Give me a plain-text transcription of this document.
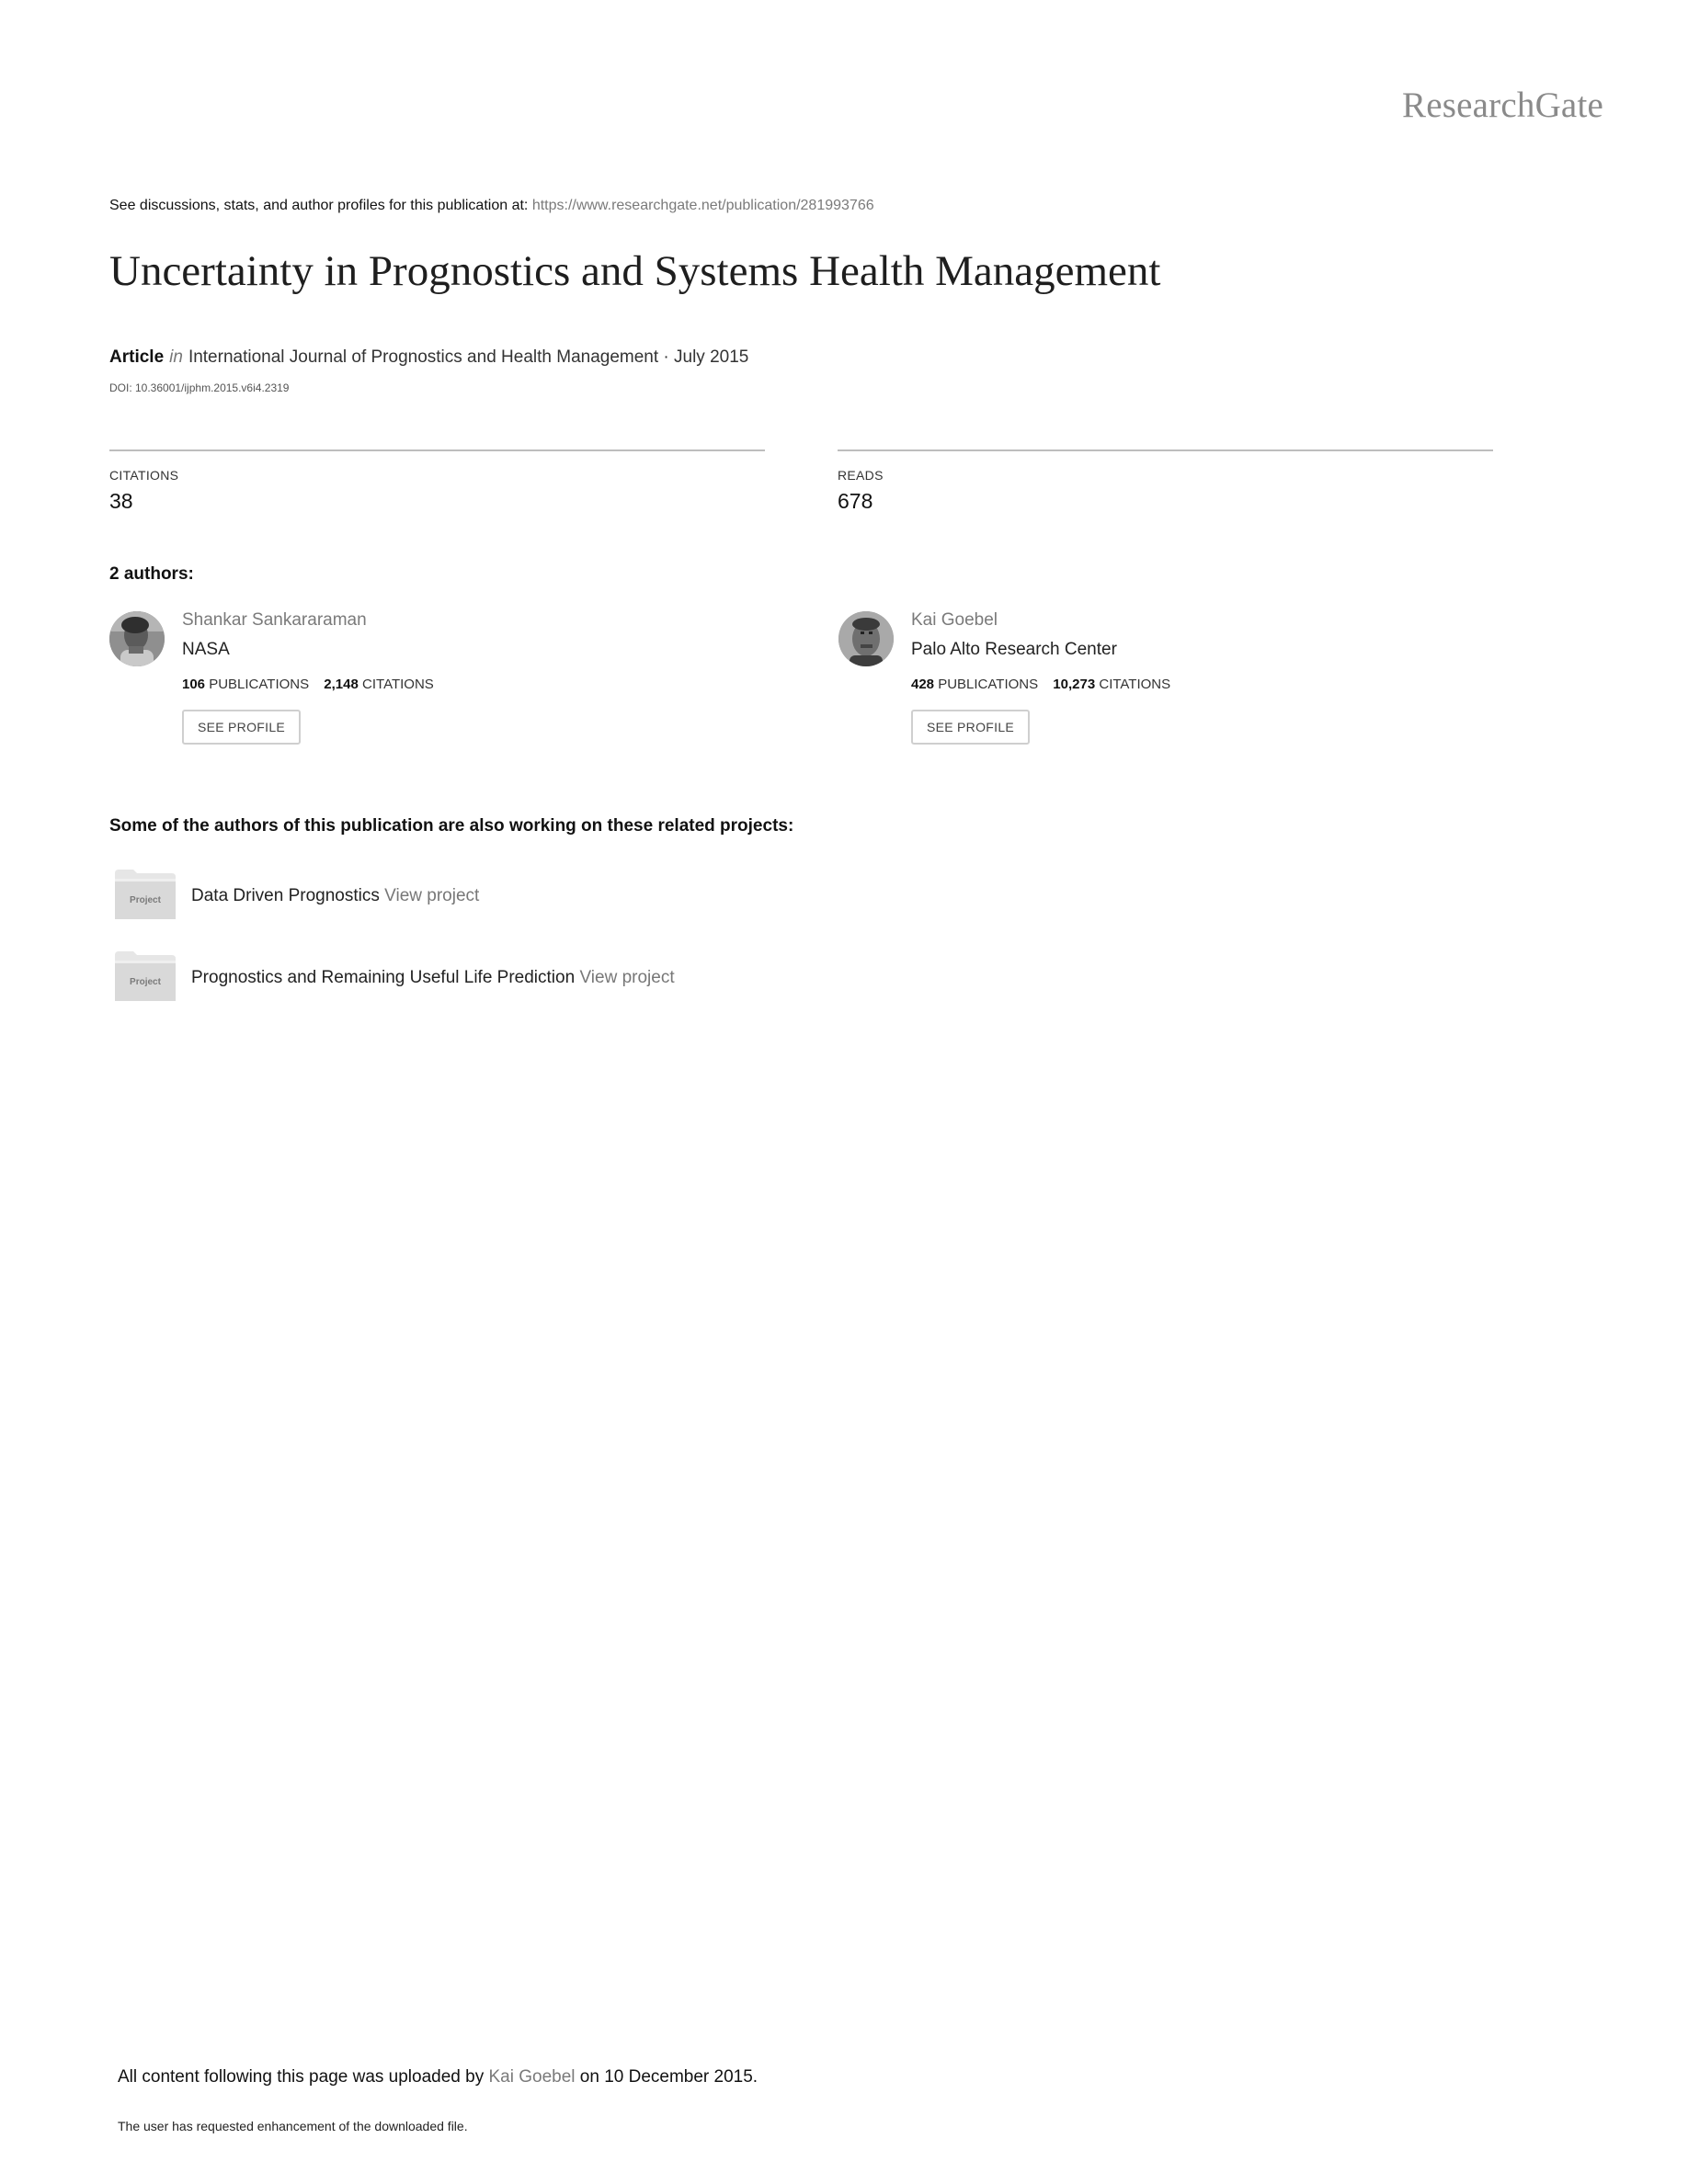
ResearchGate
See discussions, stats, and author profiles for this publication at: https://www.researchgate.net/publication/281993766
Uncertainty in Prognostics and Systems Health Management
Article in International Journal of Prognostics and Health Management · July 2015
DOI: 10.36001/ijphm.2015.v6i4.2319
CITATIONS
38
READS
678
2 authors:
Shankar Sankararaman
NASA
106 PUBLICATIONS 2,148 CITATIONS
SEE PROFILE
Kai Goebel
Palo Alto Research Center
428 PUBLICATIONS 10,273 CITATIONS
SEE PROFILE
Some of the authors of this publication are also working on these related projects:
Project Data Driven Prognostics View project
Project Prognostics and Remaining Useful Life Prediction View project
All content following this page was uploaded by Kai Goebel on 10 December 2015.
The user has requested enhancement of the downloaded file.
